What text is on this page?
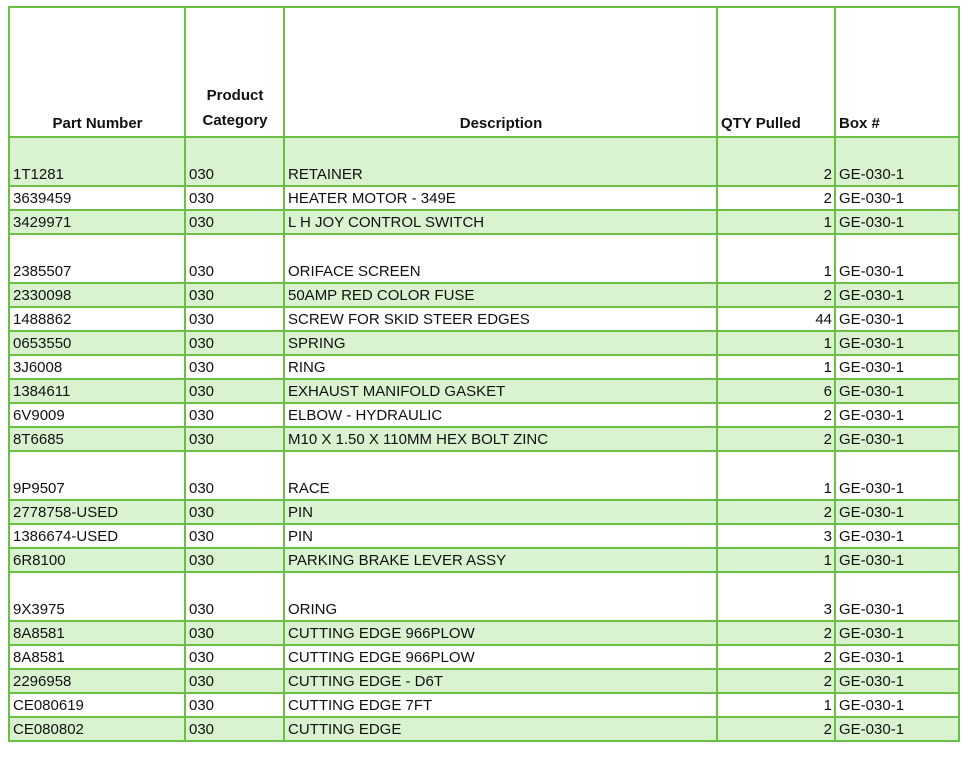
Part Number	Product Category	Description	QTY Pulled	Box #
1T1281	030	RETAINER	2	GE-030-1
3639459	030	HEATER MOTOR - 349E	2	GE-030-1
3429971	030	L H JOY CONTROL SWITCH	1	GE-030-1
2385507	030	ORIFACE SCREEN	1	GE-030-1
2330098	030	50AMP RED COLOR FUSE	2	GE-030-1
1488862	030	SCREW FOR SKID STEER EDGES	44	GE-030-1
0653550	030	SPRING	1	GE-030-1
3J6008	030	RING	1	GE-030-1
1384611	030	EXHAUST MANIFOLD GASKET	6	GE-030-1
6V9009	030	ELBOW - HYDRAULIC	2	GE-030-1
8T6685	030	M10 X 1.50 X 110MM HEX BOLT ZINC	2	GE-030-1
9P9507	030	RACE	1	GE-030-1
2778758-USED	030	PIN	2	GE-030-1
1386674-USED	030	PIN	3	GE-030-1
6R8100	030	PARKING BRAKE LEVER ASSY	1	GE-030-1
9X3975	030	ORING	3	GE-030-1
8A8581	030	CUTTING EDGE 966PLOW	2	GE-030-1
8A8581	030	CUTTING EDGE 966PLOW	2	GE-030-1
2296958	030	CUTTING EDGE - D6T	2	GE-030-1
CE080619	030	CUTTING EDGE 7FT	1	GE-030-1
CE080802	030	CUTTING EDGE	2	GE-030-1
